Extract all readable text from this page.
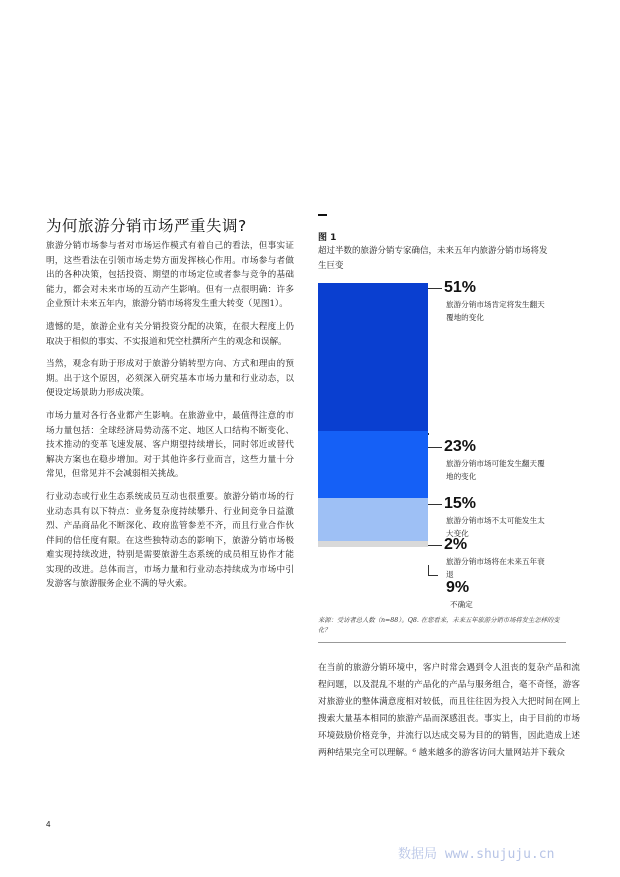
为何旅游分销市场严重失调?

旅游分销市场参与者对市场运作模式有着自己的看法，但事实证明，这些看法在引领市场走势方面发挥核心作用。市场参与者做出的各种决策，包括投资、期望的市场定位或者参与竞争的基础能力，都会对未来市场的互动产生影响。但有一点很明确：许多企业预计未来五年内，旅游分销市场将发生重大转变（见图1）。

遗憾的是，旅游企业有关分销投资分配的决策，在很大程度上仍取决于相似的事实、不实报道和凭空杜撰所产生的观念和误解。

当然，观念有助于形成对于旅游分销转型方向、方式和理由的预期。出于这个原因，必须深入研究基本市场力量和行业动态，以便设定场景助力形成决策。

市场力量对各行各业都产生影响。在旅游业中，最值得注意的市场力量包括：全球经济局势动荡不定、地区人口结构不断变化、技术推动的变革飞速发展、客户期望持续增长，同时邻近或替代解决方案也在稳步增加。对于其他许多行业而言，这些力量十分常见，但常见并不会减弱相关挑战。

行业动态或行业生态系统成员互动也很重要。旅游分销市场的行业动态具有以下特点：业务复杂度持续攀升、行业间竞争日益激烈、产品商品化不断深化、政府监管参差不齐，而且行业合作伙伴间的信任度有限。在这些独特动态的影响下，旅游分销市场极难实现持续改进，特别是需要旅游生态系统的成员相互协作才能实现的改进。总体而言，市场力量和行业动态持续成为市场中引发游客与旅游服务企业不满的导火索。

图 1
超过半数的旅游分销专家确信，未来五年内旅游分销市场将发生巨变
51%
旅游分销市场肯定将发生翻天覆地的变化
23%
旅游分销市场可能发生翻天覆地的变化
15%
旅游分销市场不太可能发生太大变化
2%
旅游分销市场将在未来五年衰退
9%
不确定
来源：受访者总人数（n=88）。Q8. 在您看来，未来五年旅游分销市场将发生怎样的变化？
在当前的旅游分销环境中，客户时常会遇到令人沮丧的复杂产品和流程问题，以及混乱不堪的产品化的产品与服务组合，毫不奇怪，游客对旅游业的整体满意度相对较低，而且往往因为投入大把时间在网上搜索大量基本相同的旅游产品而深感沮丧。事实上，由于目前的市场环境鼓励价格竞争，并流行以达成交易为目的的销售，因此造成上述两种结果完全可以理解。⁶ 越来越多的游客访问大量网站并下载众
4
数据局 www.shujuju.cn
